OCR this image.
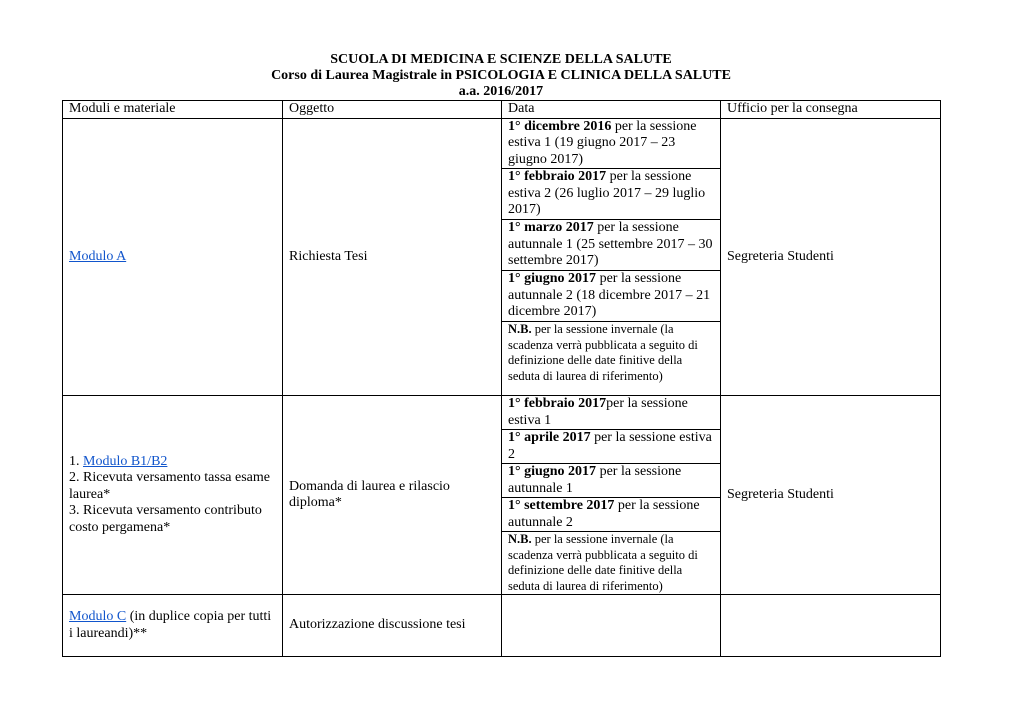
SCUOLA DI MEDICINA E SCIENZE DELLA SALUTE
Corso di Laurea Magistrale in PSICOLOGIA E CLINICA DELLA SALUTE
a.a. 2016/2017
Moduli e materiale	Oggetto	Data	Ufficio per la consegna
Modulo A	Richiesta Tesi	1° dicembre 2016 per la sessione estiva 1 (19 giugno 2017 – 23 giugno 2017)	Segreteria Studenti
		1° febbraio 2017 per la sessione estiva 2 (26 luglio 2017 – 29 luglio 2017)	
		1° marzo 2017 per la sessione autunnale 1 (25 settembre 2017 – 30 settembre 2017)	
		1° giugno 2017 per la sessione autunnale 2 (18 dicembre 2017 – 21 dicembre 2017)	
		N.B. per la sessione invernale (la scadenza verrà pubblicata a seguito di definizione delle date finitive della seduta di laurea di riferimento)	

1. Modulo B1/B2
2. Ricevuta versamento tassa esame laurea*
3. Ricevuta versamento contributo costo pergamena*	Domanda di laurea e rilascio diploma*	1° febbraio 2017per la sessione estiva 1	Segreteria Studenti
		1° aprile 2017 per la sessione estiva 2	
		1° giugno 2017 per la sessione autunnale 1	
		1° settembre 2017 per la sessione autunnale 2	
		N.B. per la sessione invernale (la scadenza verrà pubblicata a seguito di definizione delle date finitive della seduta di laurea di riferimento)	
Modulo C (in duplice copia per tutti i laureandi)**	Autorizzazione discussione tesi		
